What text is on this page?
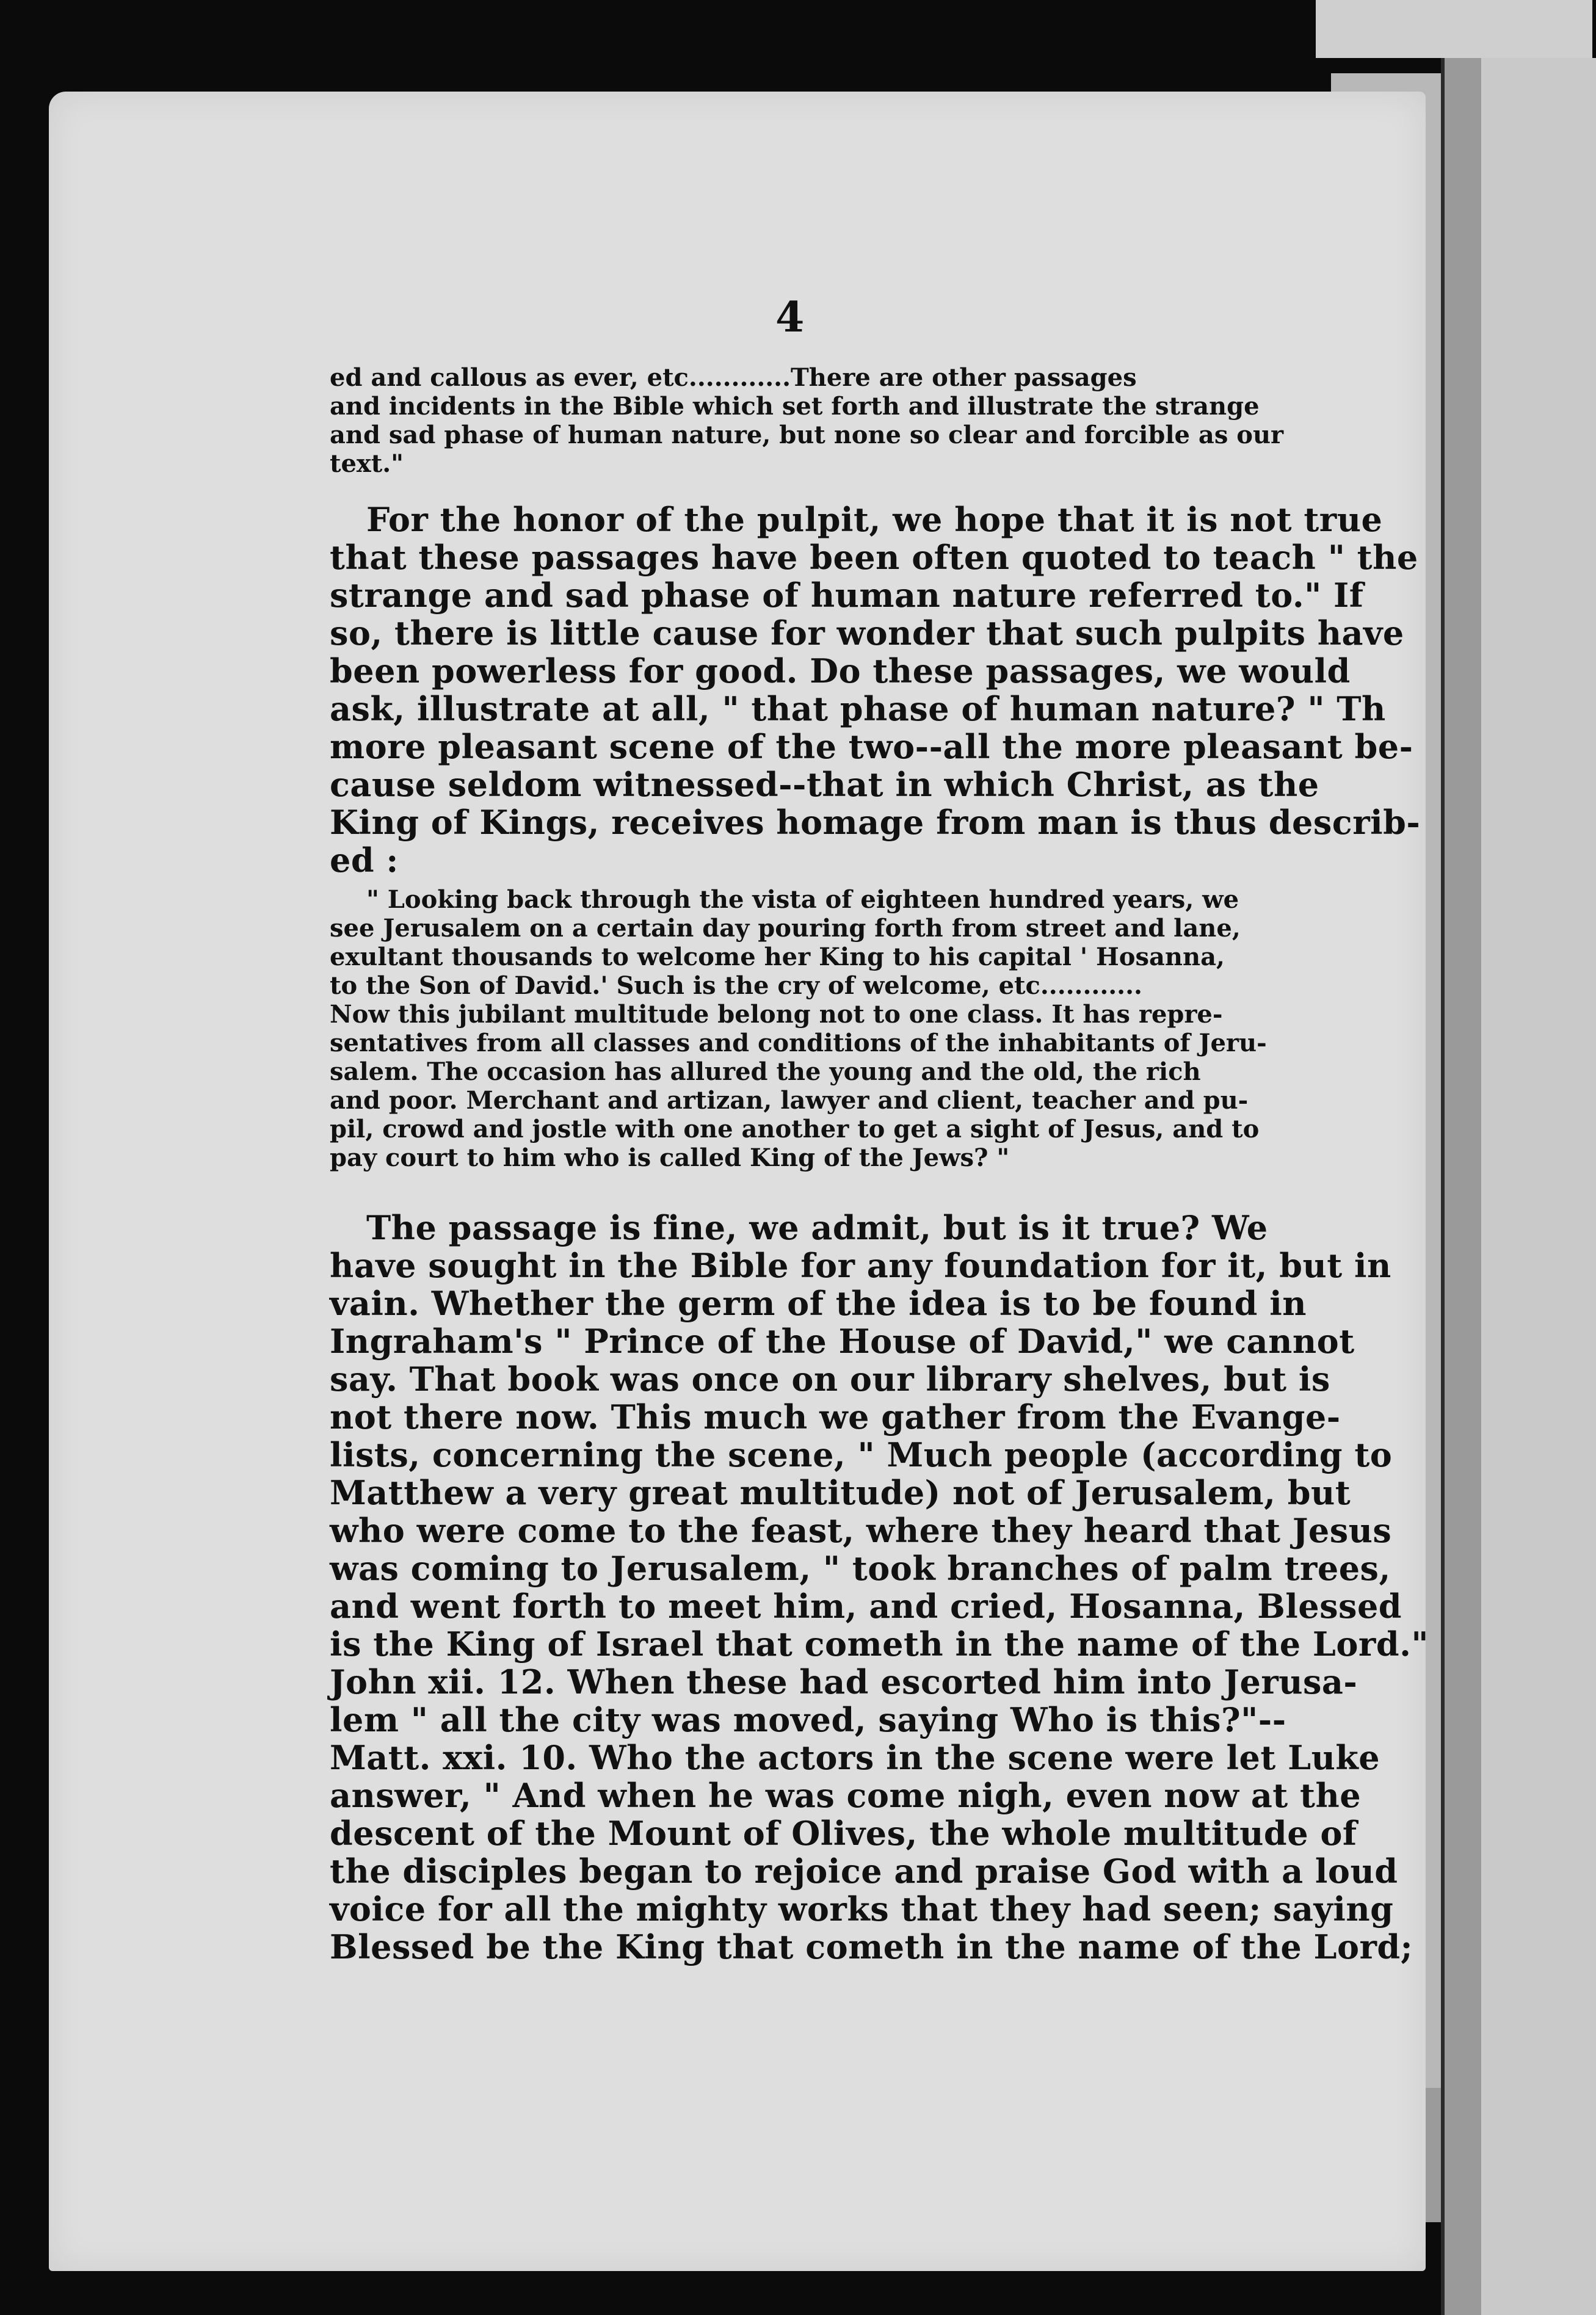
4
ed and callous as ever, etc............There are other passages
and incidents in the Bible which set forth and illustrate the strange
and sad phase of human nature, but none so clear and forcible as our
text."
For the honor of the pulpit, we hope that it is not true
that these passages have been often quoted to teach " the
strange and sad phase of human nature referred to." If
so, there is little cause for wonder that such pulpits have
been powerless for good. Do these passages, we would
ask, illustrate at all, " that phase of human nature? " Th
more pleasant scene of the two--all the more pleasant be-
cause seldom witnessed--that in which Christ, as the
King of Kings, receives homage from man is thus describ-
ed :
" Looking back through the vista of eighteen hundred years, we
see Jerusalem on a certain day pouring forth from street and lane,
exultant thousands to welcome her King to his capital ' Hosanna,
to the Son of David.' Such is the cry of welcome, etc............
Now this jubilant multitude belong not to one class. It has repre-
sentatives from all classes and conditions of the inhabitants of Jeru-
salem. The occasion has allured the young and the old, the rich
and poor. Merchant and artizan, lawyer and client, teacher and pu-
pil, crowd and jostle with one another to get a sight of Jesus, and to
pay court to him who is called King of the Jews? "
The passage is fine, we admit, but is it true? We
have sought in the Bible for any foundation for it, but in
vain. Whether the germ of the idea is to be found in
Ingraham's " Prince of the House of David," we cannot
say. That book was once on our library shelves, but is
not there now. This much we gather from the Evange-
lists, concerning the scene, " Much people (according to
Matthew a very great multitude) not of Jerusalem, but
who were come to the feast, where they heard that Jesus
was coming to Jerusalem, " took branches of palm trees,
and went forth to meet him, and cried, Hosanna, Blessed
is the King of Israel that cometh in the name of the Lord."
John xii. 12. When these had escorted him into Jerusa-
lem " all the city was moved, saying Who is this?"--
Matt. xxi. 10. Who the actors in the scene were let Luke
answer, " And when he was come nigh, even now at the
descent of the Mount of Olives, the whole multitude of
the disciples began to rejoice and praise God with a loud
voice for all the mighty works that they had seen; saying
Blessed be the King that cometh in the name of the Lord;
